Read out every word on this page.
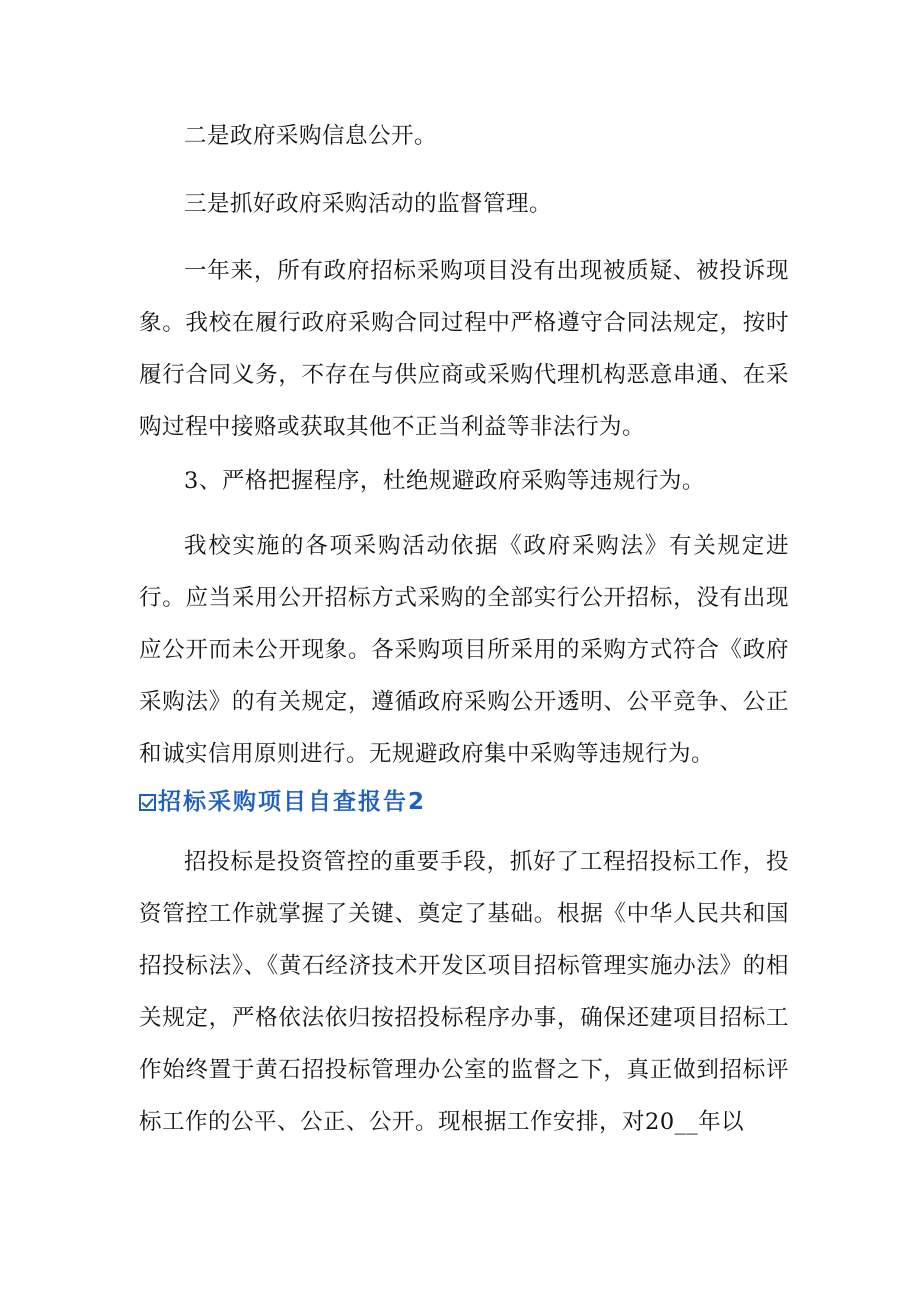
二是政府采购信息公开。

三是抓好政府采购活动的监督管理。

一年来，所有政府招标采购项目没有出现被质疑、被投诉现象。我校在履行政府采购合同过程中严格遵守合同法规定，按时履行合同义务，不存在与供应商或采购代理机构恶意串通、在采购过程中接赂或获取其他不正当利益等非法行为。

3、严格把握程序，杜绝规避政府采购等违规行为。

我校实施的各项采购活动依据《政府采购法》有关规定进行。应当采用公开招标方式采购的全部实行公开招标，没有出现应公开而未公开现象。各采购项目所采用的采购方式符合《政府采购法》的有关规定，遵循政府采购公开透明、公平竞争、公正和诚实信用原则进行。无规避政府集中采购等违规行为。

招标采购项目自查报告2

招投标是投资管控的重要手段，抓好了工程招投标工作，投资管控工作就掌握了关键、奠定了基础。根据《中华人民共和国招投标法》、《黄石经济技术开发区项目招标管理实施办法》的相关规定，严格依法依归按招投标程序办事，确保还建项目招标工作始终置于黄石招投标管理办公室的监督之下，真正做到招标评标工作的公平、公正、公开。现根据工作安排，对20__年以
